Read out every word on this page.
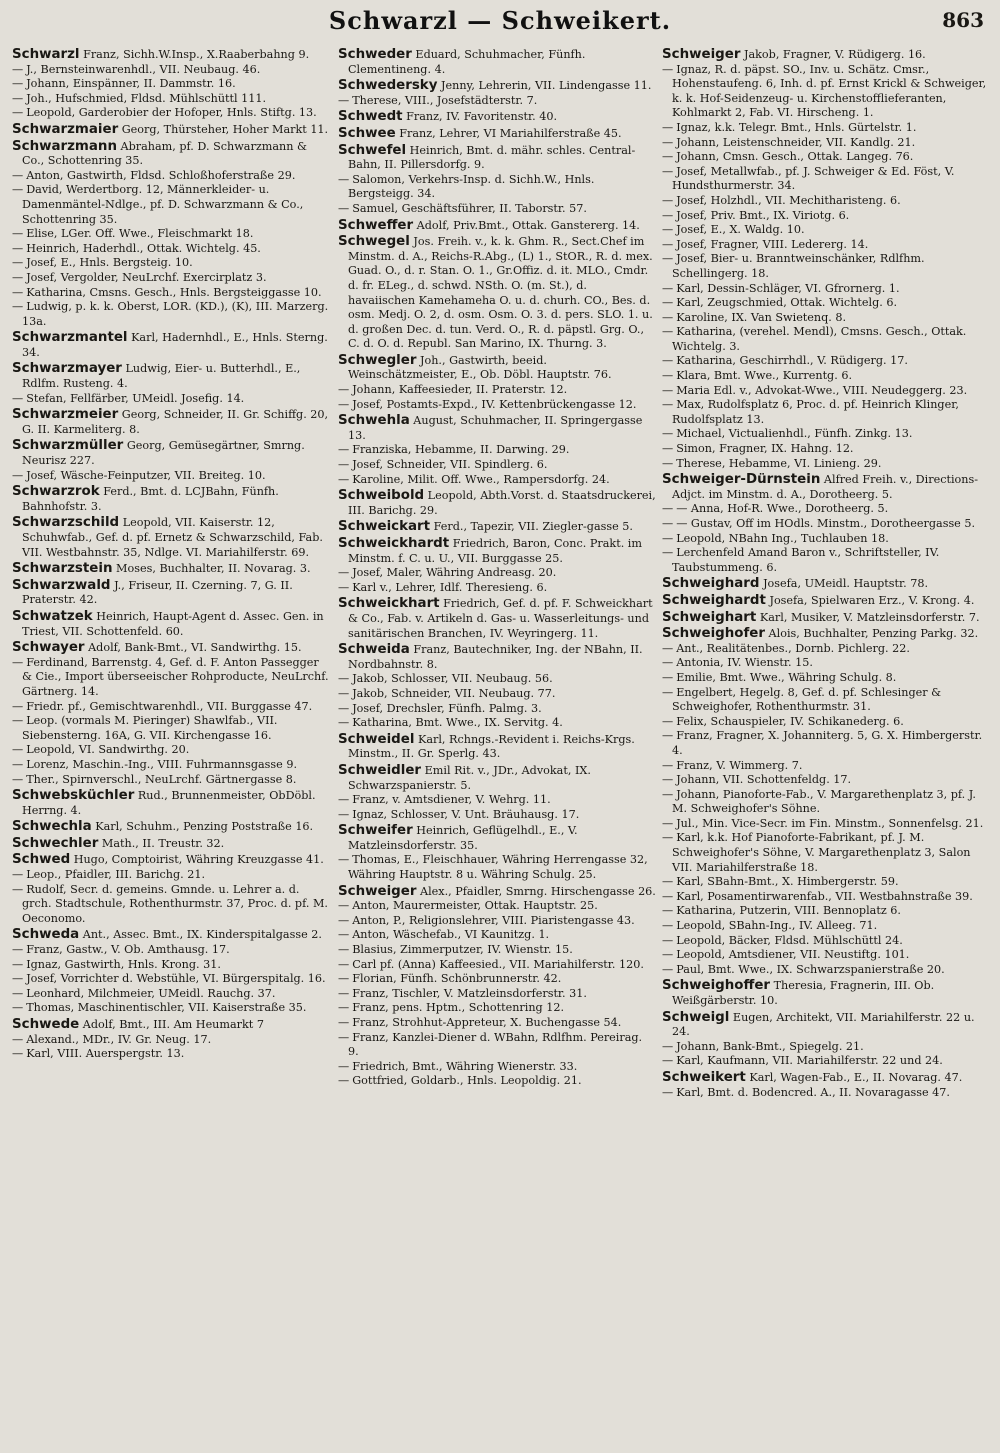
Schwarzl — Schweikert.	863

Schwarzl Franz, Sichh.W.Insp., X.Raaberbahng 9.

— J., Bernsteinwarenhdl., VII. Neubaug. 46.

— Johann, Einspänner, II. Dammstr. 16.

— Joh., Hufschmied, Fldsd. Mühlschüttl 111.

— Leopold, Garderobier der Hofoper, Hnls. Stiftg. 13.

Schwarzmaier Georg, Thürsteher, Hoher Markt 11.

Schwarzmann Abraham, pf. D. Schwarzmann & Co., Schottenring 35.

— Anton, Gastwirth, Fldsd. Schloßhoferstraße 29.

— David, Werdertborg. 12, Männerkleider- u. Damenmäntel-Ndlge., pf. D. Schwarzmann & Co., Schottenring 35.

— Elise, LGer. Off. Wwe., Fleischmarkt 18.

— Heinrich, Haderhdl., Ottak. Wichtelg. 45.

— Josef, E., Hnls. Bergsteig. 10.

— Josef, Vergolder, NeuLrchf. Exercirplatz 3.

— Katharina, Cmsns. Gesch., Hnls. Bergsteiggasse 10.

— Ludwig, p. k. k. Oberst, LOR. (KD.), (K), III. Marzerg. 13a.

Schwarzmantel Karl, Hadernhdl., E., Hnls. Sterng. 34.

Schwarzmayer Ludwig, Eier- u. Butterhdl., E., Rdlfm. Rusteng. 4.

— Stefan, Fellfärber, UMeidl. Josefig. 14.

Schwarzmeier Georg, Schneider, II. Gr. Schiffg. 20, G. II. Karmeliterg. 8.

Schwarzmüller Georg, Gemüsegärtner, Smrng. Neurisz 227.

— Josef, Wäsche-Feinputzer, VII. Breiteg. 10.

Schwarzrok Ferd., Bmt. d. LCJBahn, Fünfh. Bahnhofstr. 3.

Schwarzschild Leopold, VII. Kaiserstr. 12, Schuhwfab., Gef. d. pf. Ernetz & Schwarzschild, Fab. VII. Westbahnstr. 35, Ndlge. VI. Mariahilferstr. 69.

Schwarzstein Moses, Buchhalter, II. Novarag. 3.

Schwarzwald J., Friseur, II. Czerning. 7, G. II. Praterstr. 42.

Schwatzek Heinrich, Haupt-Agent d. Assec. Gen. in Triest, VII. Schottenfeld. 60.

Schwayer Adolf, Bank-Bmt., VI. Sandwirthg. 15.

— Ferdinand, Barrenstg. 4, Gef. d. F. Anton Passegger & Cie., Import überseeischer Rohproducte, NeuLrchf. Gärtnerg. 14.

— Friedr. pf., Gemischtwarenhdl., VII. Burggasse 47.

— Leop. (vormals M. Pieringer) Shawlfab., VII. Siebensterng. 16A, G. VII. Kirchengasse 16.

— Leopold, VI. Sandwirthg. 20.

— Lorenz, Maschin.-Ing., VIII. Fuhrmannsgasse 9.

— Ther., Spirnverschl., NeuLrchf. Gärtnergasse 8.

Schwebsküchler Rud., Brunnenmeister, ObDöbl. Herrng. 4.

Schwechla Karl, Schuhm., Penzing Poststraße 16.

Schwechler Math., II. Treustr. 32.

Schwed Hugo, Comptoirist, Währing Kreuzgasse 41.

— Leop., Pfaidler, III. Barichg. 21.

— Rudolf, Secr. d. gemeins. Gmnde. u. Lehrer a. d. grch. Stadtschule, Rothenthurmstr. 37, Proc. d. pf. M. Oeconomo.

Schweda Ant., Assec. Bmt., IX. Kinderspitalgasse 2.

— Franz, Gastw., V. Ob. Amthausg. 17.

— Ignaz, Gastwirth, Hnls. Krong. 31.

— Josef, Vorrichter d. Webstühle, VI. Bürgerspitalg. 16.

— Leonhard, Milchmeier, UMeidl. Rauchg. 37.

— Thomas, Maschinentischler, VII. Kaiserstraße 35.

Schwede Adolf, Bmt., III. Am Heumarkt 7

— Alexand., MDr., IV. Gr. Neug. 17.

— Karl, VIII. Auerspergstr. 13.

Schweder Eduard, Schuhmacher, Fünfh. Clementineng. 4.

Schwedersky Jenny, Lehrerin, VII. Lindengasse 11.

— Therese, VIII., Josefstädterstr. 7.

Schwedt Franz, IV. Favoritenstr. 40.

Schwee Franz, Lehrer, VI Mariahilferstraße 45.

Schwefel Heinrich, Bmt. d. mähr. schles. Central-Bahn, II. Pillersdorfg. 9.

— Salomon, Verkehrs-Insp. d. Sichh.W., Hnls. Bergsteigg. 34.

— Samuel, Geschäftsführer, II. Taborstr. 57.

Schweffer Adolf, Priv.Bmt., Ottak. Ganstererg. 14.

Schwegel Jos. Freih. v., k. k. Ghm. R., Sect.Chef im Minstm. d. A., Reichs-R.Abg., (L) 1., StOR., R. d. mex. Guad. O., d. r. Stan. O. 1., Gr.Offiz. d. it. MLO., Cmdr. d. fr. ELeg., d. schwd. NSth. O. (m. St.), d. havaiischen Kamehameha O. u. d. churh. CO., Bes. d. osm. Medj. O. 2, d. osm. Osm. O. 3. d. pers. SLO. 1. u. d. großen Dec. d. tun. Verd. O., R. d. päpstl. Grg. O., C. d. O. d. Republ. San Marino, IX. Thurng. 3.

Schwegler Joh., Gastwirth, beeid. Weinschätzmeister, E., Ob. Döbl. Hauptstr. 76.

— Johann, Kaffeesieder, II. Praterstr. 12.

— Josef, Postamts-Expd., IV. Kettenbrückengasse 12.

Schwehla August, Schuhmacher, II. Springergasse 13.

— Franziska, Hebamme, II. Darwing. 29.

— Josef, Schneider, VII. Spindlerg. 6.

— Karoline, Milit. Off. Wwe., Rampersdorfg. 24.

Schweibold Leopold, Abth.Vorst. d. Staatsdruckerei, III. Barichg. 29.

Schweickart Ferd., Tapezir, VII. Ziegler-gasse 5.

Schweickhardt Friedrich, Baron, Conc. Prakt. im Minstm. f. C. u. U., VII. Burggasse 25.

— Josef, Maler, Währing Andreasg. 20.

— Karl v., Lehrer, Idlf. Theresieng. 6.

Schweickhart Friedrich, Gef. d. pf. F. Schweickhart & Co., Fab. v. Artikeln d. Gas- u. Wasserleitungs- und sanitärischen Branchen, IV. Weyringerg. 11.

Schweida Franz, Bautechniker, Ing. der NBahn, II. Nordbahnstr. 8.

— Jakob, Schlosser, VII. Neubaug. 56.

— Jakob, Schneider, VII. Neubaug. 77.

— Josef, Drechsler, Fünfh. Palmg. 3.

— Katharina, Bmt. Wwe., IX. Servitg. 4.

Schweidel Karl, Rchngs.-Revident i. Reichs-Krgs. Minstm., II. Gr. Sperlg. 43.

Schweidler Emil Rit. v., JDr., Advokat, IX. Schwarzspanierstr. 5.

— Franz, v. Amtsdiener, V. Wehrg. 11.

— Ignaz, Schlosser, V. Unt. Bräuhausg. 17.

Schweifer Heinrich, Geflügelhdl., E., V. Matzleinsdorferstr. 35.

— Thomas, E., Fleischhauer, Währing Herrengasse 32, Währing Hauptstr. 8 u. Währing Schulg. 25.

Schweiger Alex., Pfaidler, Smrng. Hirschengasse 26.

— Anton, Maurermeister, Ottak. Hauptstr. 25.

— Anton, P., Religionslehrer, VIII. Piaristengasse 43.

— Anton, Wäschefab., VI Kaunitzg. 1.

— Blasius, Zimmerputzer, IV. Wienstr. 15.

— Carl pf. (Anna) Kaffeesied., VII. Mariahilferstr. 120.

— Florian, Fünfh. Schönbrunnerstr. 42.

— Franz, Tischler, V. Matzleinsdorferstr. 31.

— Franz, pens. Hptm., Schottenring 12.

— Franz, Strohhut-Appreteur, X. Buchengasse 54.

— Franz, Kanzlei-Diener d. WBahn, Rdlfhm. Pereirag. 9.

— Friedrich, Bmt., Währing Wienerstr. 33.

— Gottfried, Goldarb., Hnls. Leopoldig. 21.

Schweiger Jakob, Fragner, V. Rüdigerg. 16.

— Ignaz, R. d. päpst. SO., Inv. u. Schätz. Cmsr., Hohenstaufeng. 6, Inh. d. pf. Ernst Krickl & Schweiger, k. k. Hof-Seidenzeug- u. Kirchenstofflieferanten, Kohlmarkt 2, Fab. VI. Hirscheng. 1.

— Ignaz, k.k. Telegr. Bmt., Hnls. Gürtelstr. 1.

— Johann, Leistenschneider, VII. Kandlg. 21.

— Johann, Cmsn. Gesch., Ottak. Langeg. 76.

— Josef, Metallwfab., pf. J. Schweiger & Ed. Föst, V. Hundsthurmerstr. 34.

— Josef, Holzhdl., VII. Mechitharisteng. 6.

— Josef, Priv. Bmt., IX. Viriotg. 6.

— Josef, E., X. Waldg. 10.

— Josef, Fragner, VIII. Ledererg. 14.

— Josef, Bier- u. Branntweinschänker, Rdlfhm. Schellingerg. 18.

— Karl, Dessin-Schläger, VI. Gfrornerg. 1.

— Karl, Zeugschmied, Ottak. Wichtelg. 6.

— Karoline, IX. Van Swietenq. 8.

— Katharina, (verehel. Mendl), Cmsns. Gesch., Ottak. Wichtelg. 3.

— Katharina, Geschirrhdl., V. Rüdigerg. 17.

— Klara, Bmt. Wwe., Kurrentg. 6.

— Maria Edl. v., Advokat-Wwe., VIII. Neudeggerg. 23.

— Max, Rudolfsplatz 6, Proc. d. pf. Heinrich Klinger, Rudolfsplatz 13.

— Michael, Victualienhdl., Fünfh. Zinkg. 13.

— Simon, Fragner, IX. Hahng. 12.

— Therese, Hebamme, VI. Linieng. 29.

Schweiger-Dürnstein Alfred Freih. v., Directions-Adjct. im Minstm. d. A., Dorotheerg. 5.

— — Anna, Hof-R. Wwe., Dorotheerg. 5.

— — Gustav, Off im HOdls. Minstm., Dorotheergasse 5.

— Leopold, NBahn Ing., Tuchlauben 18.

— Lerchenfeld Amand Baron v., Schriftsteller, IV. Taubstummeng. 6.

Schweighard Josefa, UMeidl. Hauptstr. 78.

Schweighardt Josefa, Spielwaren Erz., V. Krong. 4.

Schweighart Karl, Musiker, V. Matzleinsdorferstr. 7.

Schweighofer Alois, Buchhalter, Penzing Parkg. 32.

— Ant., Realitätenbes., Dornb. Pichlerg. 22.

— Antonia, IV. Wienstr. 15.

— Emilie, Bmt. Wwe., Währing Schulg. 8.

— Engelbert, Hegelg. 8, Gef. d. pf. Schlesinger & Schweighofer, Rothenthurmstr. 31.

— Felix, Schauspieler, IV. Schikanederg. 6.

— Franz, Fragner, X. Johanniterg. 5, G. X. Himbergerstr. 4.

— Franz, V. Wimmerg. 7.

— Johann, VII. Schottenfeldg. 17.

— Johann, Pianoforte-Fab., V. Margarethenplatz 3, pf. J. M. Schweighofer's Söhne.

— Jul., Min. Vice-Secr. im Fin. Minstm., Sonnenfelsg. 21.

— Karl, k.k. Hof Pianoforte-Fabrikant, pf. J. M. Schweighofer's Söhne, V. Margarethenplatz 3, Salon VII. Mariahilferstraße 18.

— Karl, SBahn-Bmt., X. Himbergerstr. 59.

— Karl, Posamentirwarenfab., VII. Westbahnstraße 39.

— Katharina, Putzerin, VIII. Bennoplatz 6.

— Leopold, SBahn-Ing., IV. Alleeg. 71.

— Leopold, Bäcker, Fldsd. Mühlschüttl 24.

— Leopold, Amtsdiener, VII. Neustiftg. 101.

— Paul, Bmt. Wwe., IX. Schwarzspanierstraße 20.

Schweighoffer Theresia, Fragnerin, III. Ob. Weißgärberstr. 10.

Schweigl Eugen, Architekt, VII. Mariahilferstr. 22 u. 24.

— Johann, Bank-Bmt., Spiegelg. 21.

— Karl, Kaufmann, VII. Mariahilferstr. 22 und 24.

Schweikert Karl, Wagen-Fab., E., II. Novarag. 47.

— Karl, Bmt. d. Bodencred. A., II. Novaragasse 47.
